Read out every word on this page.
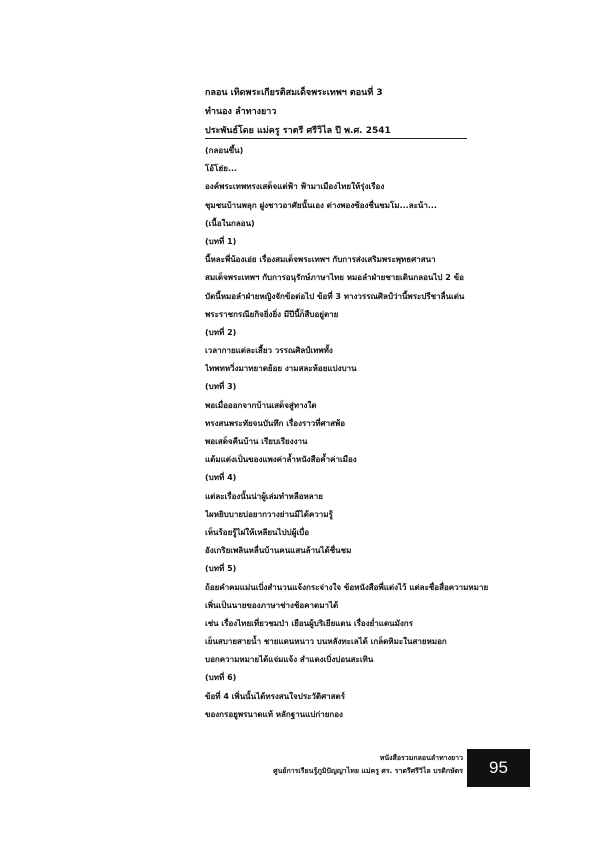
กลอน เทิดพระเกียรติสมเด็จพระเทพฯ ตอนที่ 3
ทำนอง ลำทางยาว
ประพันธ์โดย แม่ครู ราตรี ศรีวิไล ปี พ.ศ. 2541
(กลอนขึ้น)
โอ้โฮ่ย...
องค์พระเทพทรงเสด็จแต่ฟ้า ฟ้ามาเมืองไทยให้รุ่งเรือง
ชุมชนบ้านพลุก ฝูงชาวอาศัยนั้นเอง ต่างพองซ้องชื่นชมโม...ละน้า...
(เนื้อในกลอน)
(บทที่ 1)
นี้หละพี่น้องเอ่ย เรื่องสมเด็จพระเทพฯ กับการส่งเสริมพระพุทธศาสนา
สมเด็จพระเทพฯ กับการอนุรักษ์ภาษาไทย หมอลำฝ่ายชายเดินกลอนไป 2 ข้อ
บัดนี้หมอลำฝ่ายหญิงจักข้อต่อไป ข้อที่ 3 ทางวรรณศิลป์ว่านี้พระปรีชาลื่นเด่น
พระราชกรณียกิจยิ่งยิ่ง มีปีนี้ก็สืบอยู่ตาย
(บทที่ 2)
เวลากายแต่ละเสี้ยว วรรณศิลป์เทพทั้ง
ไทพทหวิ่งมาทยาดย้อย งามสละห้อยแบ่งบาน
(บทที่ 3)
พอเมื่อออกจากบ้านเสด็จสู่ทางใด
ทรงสนพระทัยจนบันทึก เรื่องราวที่ศาสพ้อ
พอเสด็จคืนบ้าน เรียบเรียงงาน
แต้มแต่งเป็นของแพงค่าล้ำหนังสือค้ำค่าเมือง
(บทที่ 4)
แต่ละเรื่องนั้นน่าผู้เล่มทำหลือหลาย
ไผหยิบบายบ่อยากวางย่านมีได้ความรู้
เห็นร้อยรู้ไผ่ให้เหลียนไปบ่ผู้เบื่อ
อังเกริยเพลินหลื่นบ้านคนแสนล้านได้ชื่นชม
(บทที่ 5)
ถ้อยคำคมแม่นเบิ่งสำนวนแจ้งกระจ่างใจ ข้อหนังสือพี่แต่งไว้ แต่ละชื่อสื่อความหมาย
เพิ่นเป็นนายของภาษาช่างช้อคาดมาได้
เช่น เรื่องไทยเที่ยวชมป่า เยือนผู้บริเยียแดน เรื่องย่ำแดนมังกร
เย็นสบายสายน้ำ ชายแดนหนาว บนหลังทะเลได้ เกล็ดหิมะในสายหมอก
บอกความหมายได้แจ่มแจ้ง สำแดงเบิ่งบ่อนสะเทิน
(บทที่ 6)
ข้อที่ 4 เพิ่นนั้นได้ทรงสนใจประวัติศาสตร์
ของกรอยูพรนาดแท้ หลักฐานแบ่ก่ายกอง
หนังสือรวมกลอนลำทางยาว
ศูนย์การเรียนรู้ภูมิปัญญาไทย แม่ครู ศร. ราตรีศรีวิไล บรติกษัตร	95
